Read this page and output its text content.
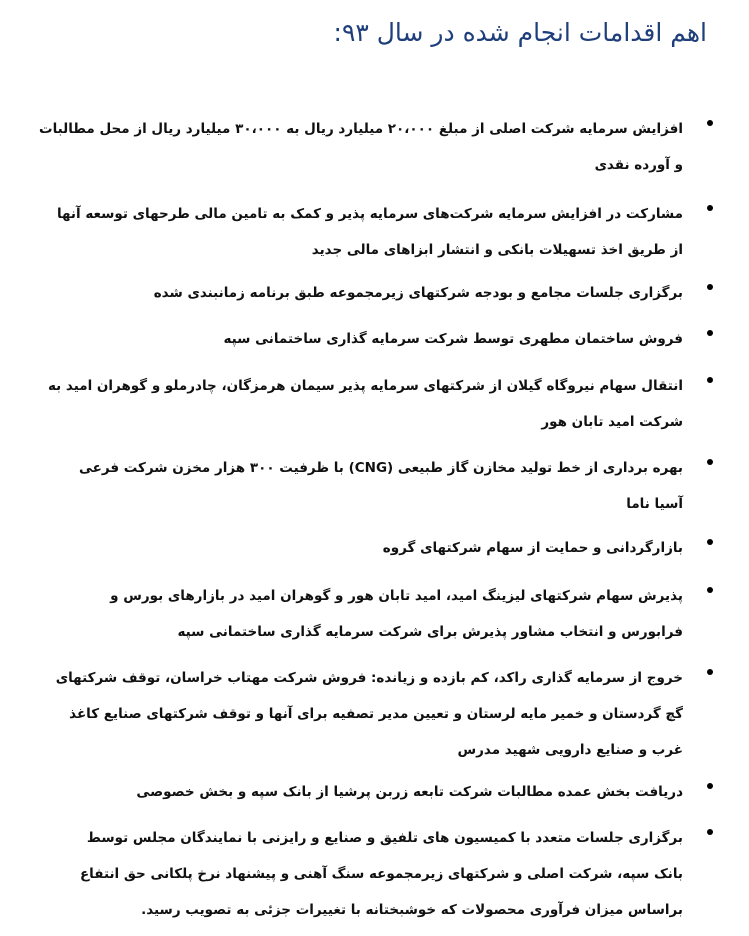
اهم اقدامات انجام شده در سال ۹۳:
افزایش سرمایه شرکت اصلی از مبلغ ۲۰،۰۰۰ میلیارد ریال به ۳۰،۰۰۰ میلیارد ریال از محل مطالبات
و آورده نقدی
مشارکت در افزایش سرمایه شرکت‌های سرمایه پذیر و کمک به تامین مالی طرحهای توسعه آنها
از طریق اخذ تسهیلات بانکی و انتشار ابزاهای مالی جدید
برگزاری جلسات مجامع و بودجه شرکتهای زیرمجموعه طبق برنامه زمانبندی شده
فروش ساختمان مطهری توسط شرکت سرمایه گذاری ساختمانی سپه
انتقال سهام نیروگاه گیلان از شرکتهای سرمایه پذیر سیمان هرمزگان، چادرملو و گوهران امید به
شرکت امید تابان هور
بهره برداری از خط تولید مخازن گاز طبیعی (CNG) با ظرفیت ۳۰۰ هزار مخزن شرکت فرعی
آسیا ناما
بازارگردانی و حمایت از سهام شرکتهای گروه
پذیرش سهام شرکتهای لیزینگ امید، امید تابان هور و گوهران امید در بازارهای بورس و
فرابورس و انتخاب مشاور پذیرش برای شرکت سرمایه گذاری ساختمانی سپه
خروج از سرمایه گذاری راکد، کم بازده و زیانده: فروش شرکت مهتاب خراسان، توقف شرکتهای
گچ گردستان و خمیر مایه لرستان و تعیین مدیر تصفیه برای آنها و توقف شرکتهای صنایع کاغذ
غرب و صنایع دارویی شهید مدرس
دریافت بخش عمده مطالبات شرکت تابعه زربن پرشیا از بانک سپه و بخش خصوصی
برگزاری جلسات متعدد با کمیسیون های تلفیق و صنایع و رایزنی با نمایندگان مجلس توسط
بانک سپه، شرکت اصلی و شرکتهای زیرمجموعه سنگ آهنی و پیشنهاد نرخ پلکانی حق انتفاع
براساس میزان فرآوری محصولات که خوشبختانه با تغییرات جزئی به تصویب رسید.
